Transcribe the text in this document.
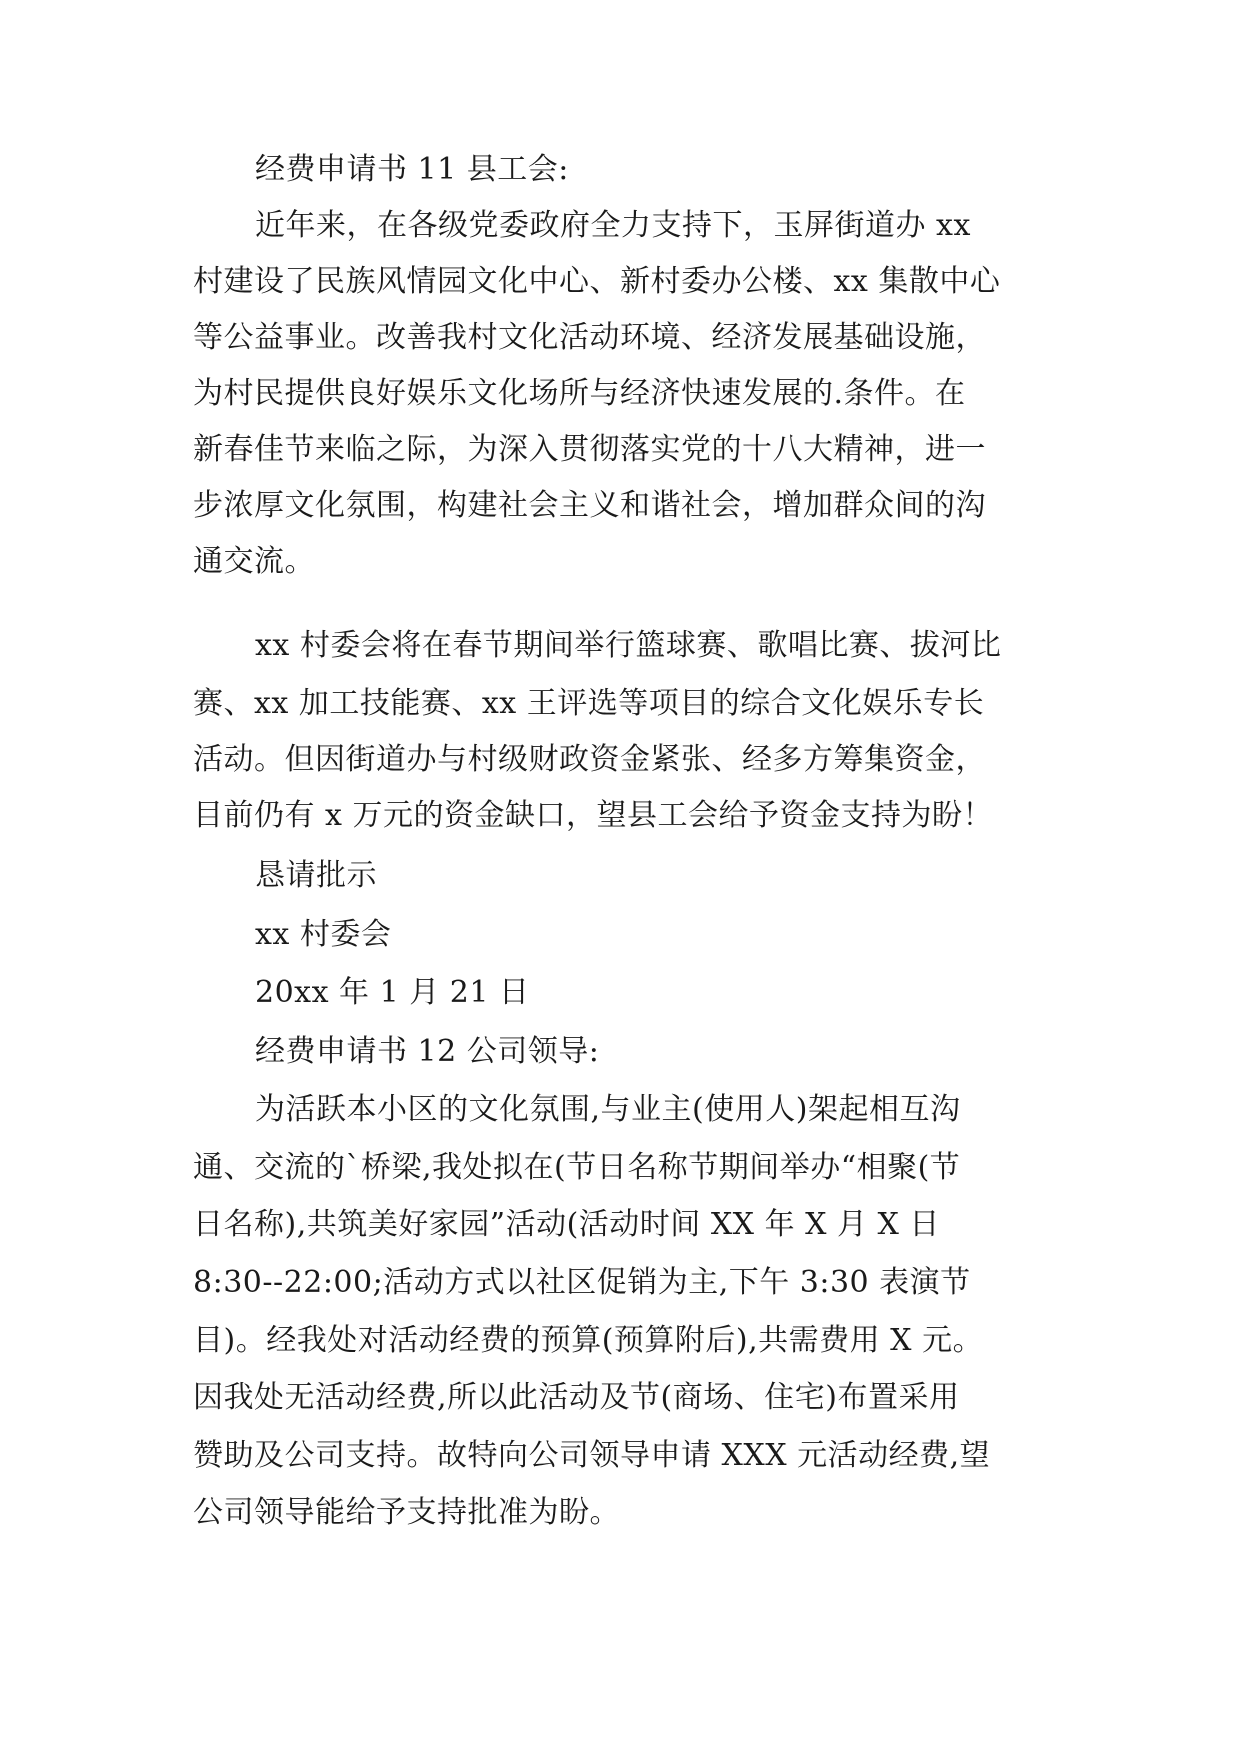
经费申请书 11 县工会:
近年来，在各级党委政府全力支持下，玉屏街道办 xx
村建设了民族风情园文化中心、新村委办公楼、xx 集散中心
等公益事业。改善我村文化活动环境、经济发展基础设施，
为村民提供良好娱乐文化场所与经济快速发展的.条件。在
新春佳节来临之际，为深入贯彻落实党的十八大精神，进一
步浓厚文化氛围，构建社会主义和谐社会，增加群众间的沟
通交流。
xx 村委会将在春节期间举行篮球赛、歌唱比赛、拔河比
赛、xx 加工技能赛、xx 王评选等项目的综合文化娱乐专长
活动。但因街道办与村级财政资金紧张、经多方筹集资金，
目前仍有 x 万元的资金缺口，望县工会给予资金支持为盼！
恳请批示
xx 村委会
20xx 年 1 月 21 日
经费申请书 12 公司领导:
为活跃本小区的文化氛围,与业主(使用人)架起相互沟
通、交流的`桥梁,我处拟在(节日名称节期间举办“相聚(节
日名称),共筑美好家园”活动(活动时间 XX 年 X 月 X 日
8:30--22:00;活动方式以社区促销为主,下午 3:30 表演节
目)。经我处对活动经费的预算(预算附后),共需费用 X 元。
因我处无活动经费,所以此活动及节(商场、住宅)布置采用
赞助及公司支持。故特向公司领导申请 XXX 元活动经费,望
公司领导能给予支持批准为盼。
